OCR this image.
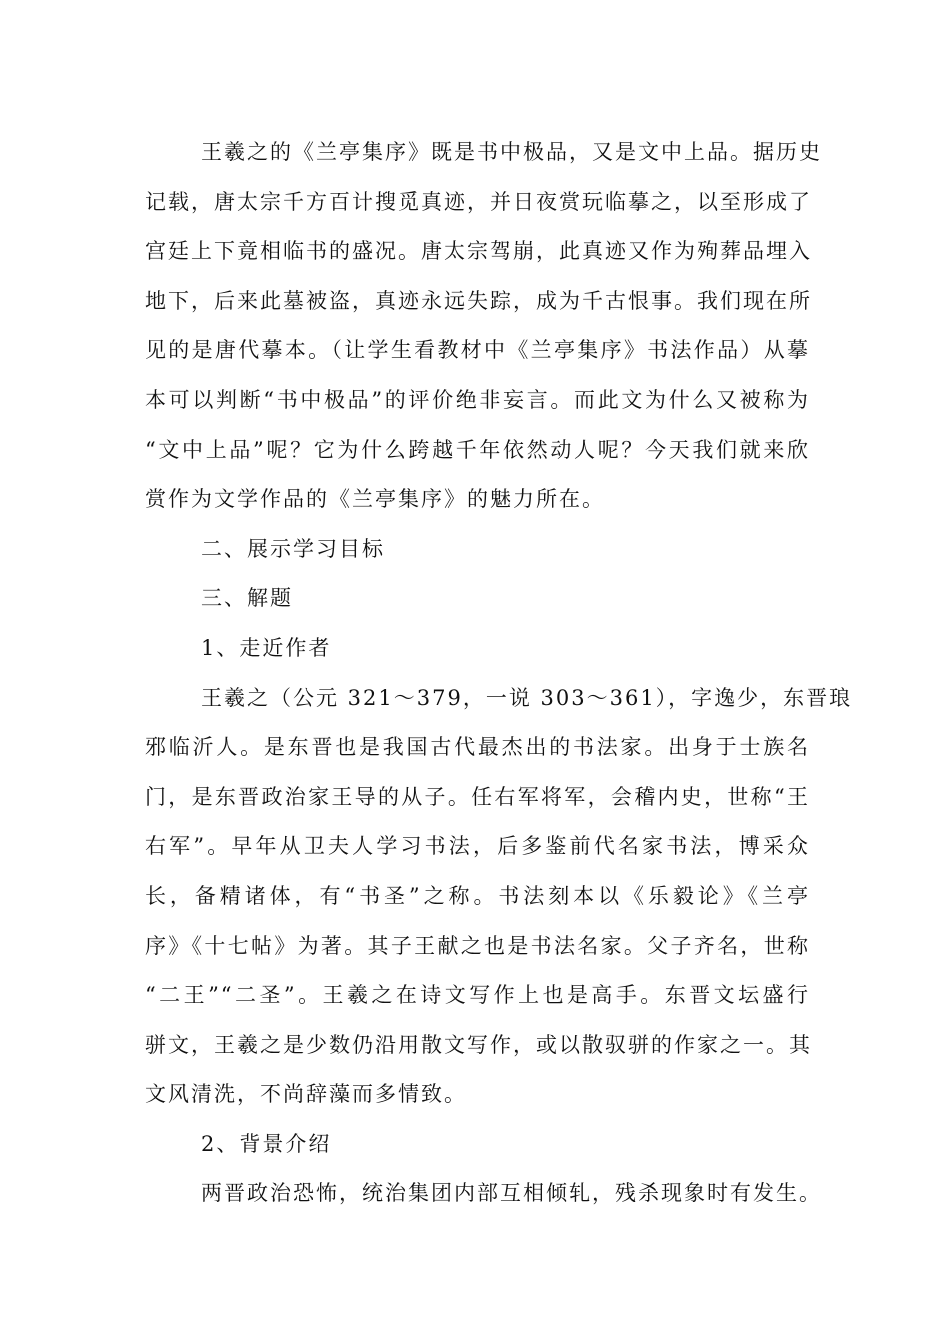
王羲之的《兰亭集序》既是书中极品，又是文中上品。据历史
记载，唐太宗千方百计搜觅真迹，并日夜赏玩临摹之，以至形成了
宫廷上下竟相临书的盛况。唐太宗驾崩，此真迹又作为殉葬品埋入
地下，后来此墓被盗，真迹永远失踪，成为千古恨事。我们现在所
见的是唐代摹本。（让学生看教材中《兰亭集序》书法作品）从摹
本可以判断“书中极品”的评价绝非妄言。而此文为什么又被称为
“文中上品”呢？它为什么跨越千年依然动人呢？今天我们就来欣
赏作为文学作品的《兰亭集序》的魅力所在。
二、展示学习目标
三、解题
1、走近作者
王羲之（公元 321～379，一说 303～361），字逸少，东晋琅
邪临沂人。是东晋也是我国古代最杰出的书法家。出身于士族名
门，是东晋政治家王导的从子。任右军将军，会稽内史，世称“王
右军”。早年从卫夫人学习书法，后多鉴前代名家书法，博采众
长，备精诸体，有“书圣”之称。书法刻本以《乐毅论》《兰亭
序》《十七帖》为著。其子王献之也是书法名家。父子齐名，世称
“二王”“二圣”。王羲之在诗文写作上也是高手。东晋文坛盛行
骈文，王羲之是少数仍沿用散文写作，或以散驭骈的作家之一。其
文风清洗，不尚辞藻而多情致。
2、背景介绍
两晋政治恐怖，统治集团内部互相倾轧，残杀现象时有发生。
